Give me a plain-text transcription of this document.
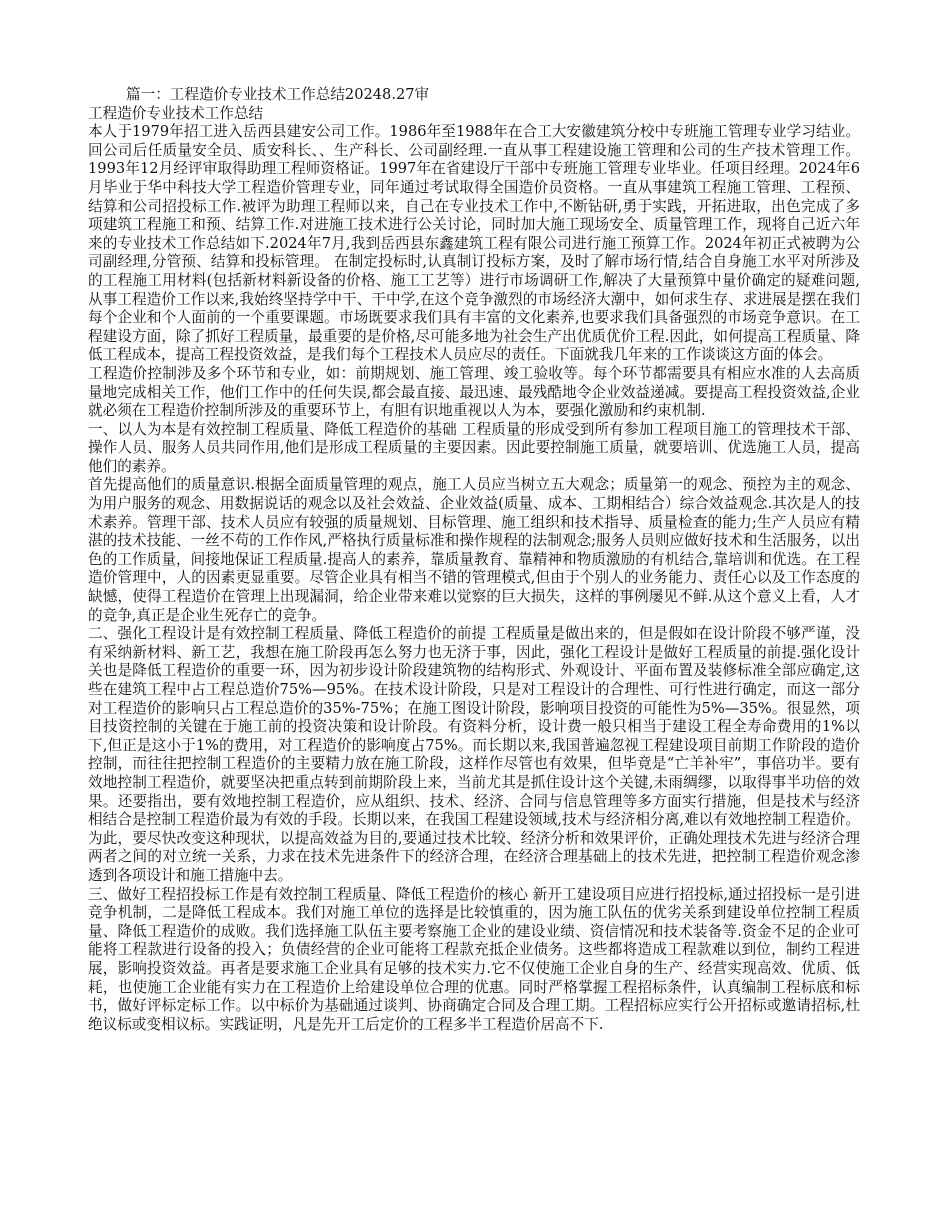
篇一：工程造价专业技术工作总结20248.27审

工程造价专业技术工作总结

本人于1979年招工进入岳西县建安公司工作。1986年至1988年在合工大安徽建筑分校中专班施工管理专业学习结业。回公司后任质量安全员、质安科长、、生产科长、公司副经理.一直从事工程建设施工管理和公司的生产技术管理工作。1993年12月经评审取得助理工程师资格证。1997年在省建设厅干部中专班施工管理专业毕业。任项目经理。2024年6月毕业于华中科技大学工程造价管理专业，同年通过考试取得全国造价员资格。一直从事建筑工程施工管理、工程预、结算和公司招投标工作.被评为助理工程师以来，自己在专业技术工作中,不断钻研,勇于实践，开拓进取，出色完成了多项建筑工程施工和预、结算工作.对进施工技术进行公关讨论，同时加大施工现场安全、质量管理工作，现将自己近六年来的专业技术工作总结如下.2024年7月,我到岳西县东鑫建筑工程有限公司进行施工预算工作。2024年初正式被聘为公司副经理,分管预、结算和投标管理。 在制定投标时,认真制订投标方案，及时了解市场行情,结合自身施工水平对所涉及的工程施工用材料(包括新材料新设备的价格、施工工艺等）进行市场调研工作,解决了大量预算中量价确定的疑难问题,从事工程造价工作以来,我始终坚持学中干、干中学,在这个竞争激烈的市场经济大潮中，如何求生存、求进展是摆在我们每个企业和个人面前的一个重要课题。市场既要求我们具有丰富的文化素养,也要求我们具备强烈的市场竞争意识。在工程建设方面，除了抓好工程质量，最重要的是价格,尽可能多地为社会生产出优质优价工程.因此，如何提高工程质量、降低工程成本，提高工程投资效益，是我们每个工程技术人员应尽的责任。下面就我几年来的工作谈谈这方面的体会。

工程造价控制涉及多个环节和专业，如：前期规划、施工管理、竣工验收等。每个环节都需要具有相应水准的人去高质量地完成相关工作，他们工作中的任何失误,都会最直接、最迅速、最残酷地令企业效益递减。要提高工程投资效益,企业就必须在工程造价控制所涉及的重要环节上，有胆有识地重视以人为本，要强化激励和约束机制.

一、以人为本是有效控制工程质量、降低工程造价的基础 工程质量的形成受到所有参加工程项目施工的管理技术干部、操作人员、服务人员共同作用,他们是形成工程质量的主要因素。因此要控制施工质量，就要培训、优选施工人员，提高他们的素养。

首先提高他们的质量意识.根据全面质量管理的观点，施工人员应当树立五大观念；质量第一的观念、预控为主的观念、为用户服务的观念、用数据说话的观念以及社会效益、企业效益(质量、成本、工期相结合）综合效益观念.其次是人的技术素养。管理干部、技术人员应有较强的质量规划、目标管理、施工组织和技术指导、质量检查的能力;生产人员应有精湛的技术技能、一丝不苟的工作作风,严格执行质量标准和操作规程的法制观念;服务人员则应做好技术和生活服务，以出色的工作质量，间接地保证工程质量.提高人的素养，靠质量教育、靠精神和物质激励的有机结合,靠培训和优选。在工程造价管理中，人的因素更显重要。尽管企业具有相当不错的管理模式,但由于个别人的业务能力、责任心以及工作态度的缺憾，使得工程造价在管理上出现漏洞，给企业带来难以觉察的巨大损失，这样的事例屡见不鲜.从这个意义上看，人才的竞争,真正是企业生死存亡的竞争。

二、强化工程设计是有效控制工程质量、降低工程造价的前提 工程质量是做出来的，但是假如在设计阶段不够严谨，没有采纳新材料、新工艺，我想在施工阶段再怎么努力也无济于事，因此，强化工程设计是做好工程质量的前提.强化设计关也是降低工程造价的重要一环，因为初步设计阶段建筑物的结构形式、外观设计、平面布置及装修标准全部应确定,这些在建筑工程中占工程总造价75%—95%。在技术设计阶段，只是对工程设计的合理性、可行性进行确定，而这一部分对工程造价的影响只占工程总造价的35%-75%；在施工图设计阶段，影响项目投资的可能性为5%—35%。很显然，项目技资控制的关键在于施工前的投资决策和设计阶段。有资料分析，设计费一般只相当于建设工程全寿命费用的1%以下,但正是这小于1%的费用，对工程造价的影响度占75%。而长期以来,我国普遍忽视工程建设项目前期工作阶段的造价控制，而往往把控制工程造价的主要精力放在施工阶段，这样作尽管也有效果，但毕竟是“亡羊补牢”，事倍功半。要有效地控制工程造价，就要坚决把重点转到前期阶段上来，当前尤其是抓住设计这个关键,未雨绸缪，以取得事半功倍的效果。还要指出，要有效地控制工程造价，应从组织、技术、经济、合同与信息管理等多方面实行措施，但是技术与经济相结合是控制工程造价最为有效的手段。长期以来，在我国工程建设领域,技术与经济相分离,难以有效地控制工程造价。为此，要尽快改变这种现状，以提高效益为目的,要通过技术比较、经济分析和效果评价，正确处理技术先进与经济合理两者之间的对立统一关系，力求在技术先进条件下的经济合理，在经济合理基础上的技术先进，把控制工程造价观念渗透到各项设计和施工措施中去。

三、做好工程招投标工作是有效控制工程质量、降低工程造价的核心 新开工建设项目应进行招投标,通过招投标一是引进竞争机制，二是降低工程成本。我们对施工单位的选择是比较慎重的，因为施工队伍的优劣关系到建设单位控制工程质量、降低工程造价的成败。我们选择施工队伍主要考察施工企业的建设业绩、资信情况和技术装备等.资金不足的企业可能将工程款进行设备的投入；负债经营的企业可能将工程款充抵企业债务。这些都将造成工程款难以到位，制约工程进展，影响投资效益。再者是要求施工企业具有足够的技术实力.它不仅使施工企业自身的生产、经营实现高效、优质、低耗，也使施工企业能有实力在工程造价上给建设单位合理的优惠。同时严格掌握工程招标条件，认真编制工程标底和标书，做好评标定标工作。以中标价为基础通过谈判、协商确定合同及合理工期。工程招标应实行公开招标或邀请招标,杜绝议标或变相议标。实践证明，凡是先开工后定价的工程多半工程造价居高不下.
